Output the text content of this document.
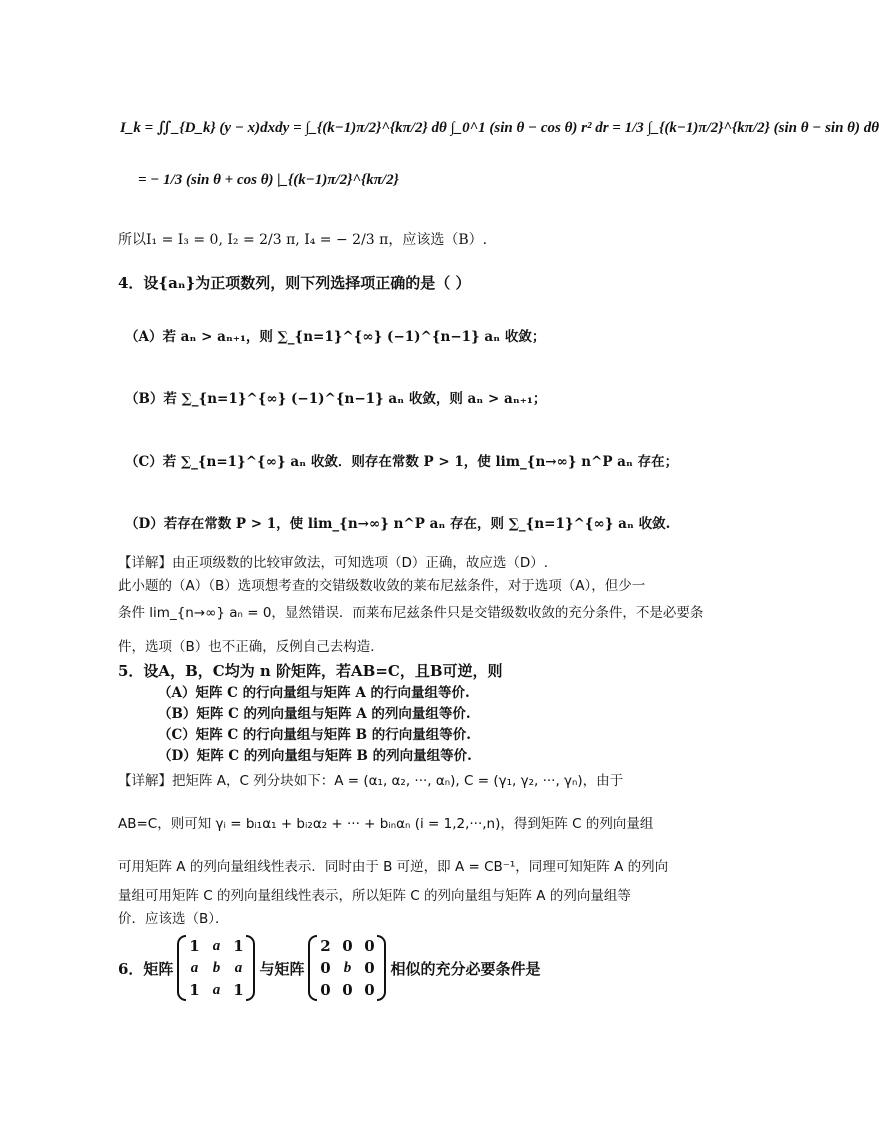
I_k = ∬_{D_k} (y − x)dxdy = ∫_{(k−1)π/2}^{kπ/2} dθ ∫_0^1 (sin θ − cos θ) r² dr = 1/3 ∫_{(k−1)π/2}^{kπ/2} (sin θ − sin θ) dθ
= − 1/3 (sin θ + cos θ) |_{(k−1)π/2}^{kπ/2}
所以I₁ = I₃ = 0, I₂ = 2/3 π, I₄ = − 2/3 π，应该选（B）.
4．设{aₙ}为正项数列，则下列选择项正确的是（ ）
（A）若 aₙ > aₙ₊₁，则 ∑_{n=1}^{∞} (−1)^{n−1} aₙ 收敛；
（B）若 ∑_{n=1}^{∞} (−1)^{n−1} aₙ 收敛，则 aₙ > aₙ₊₁；
（C）若 ∑_{n=1}^{∞} aₙ 收敛．则存在常数 P > 1，使 lim_{n→∞} n^P aₙ 存在；
（D）若存在常数 P > 1，使 lim_{n→∞} n^P aₙ 存在，则 ∑_{n=1}^{∞} aₙ 收敛.
【详解】由正项级数的比较审敛法，可知选项（D）正确，故应选（D）.
此小题的（A）（B）选项想考查的交错级数收敛的莱布尼兹条件，对于选项（A），但少一
条件 lim_{n→∞} aₙ = 0，显然错误．而莱布尼兹条件只是交错级数收敛的充分条件，不是必要条
件，选项（B）也不正确，反例自己去构造．
5．设A，B，C均为 n 阶矩阵，若AB=C，且B可逆，则
（A）矩阵 C 的行向量组与矩阵 A 的行向量组等价.
（B）矩阵 C 的列向量组与矩阵 A 的列向量组等价.
（C）矩阵 C 的行向量组与矩阵 B 的行向量组等价.
（D）矩阵 C 的列向量组与矩阵 B 的列向量组等价.
【详解】把矩阵 A，C 列分块如下：A = (α₁, α₂, ···, αₙ), C = (γ₁, γ₂, ···, γₙ)，由于
AB=C，则可知 γᵢ = bᵢ₁α₁ + bᵢ₂α₂ + ··· + bᵢₙαₙ (i = 1,2,···,n)，得到矩阵 C 的列向量组
可用矩阵 A 的列向量组线性表示．同时由于 B 可逆，即 A = CB⁻¹，同理可知矩阵 A 的列向
量组可用矩阵 C 的列向量组线性表示，所以矩阵 C 的列向量组与矩阵 A 的列向量组等
价．应该选（B）．
6．矩阵
1	a	1
a	b	a
1	a	1
与矩阵
2	0	0
0	b	0
0	0	0
相似的充分必要条件是
